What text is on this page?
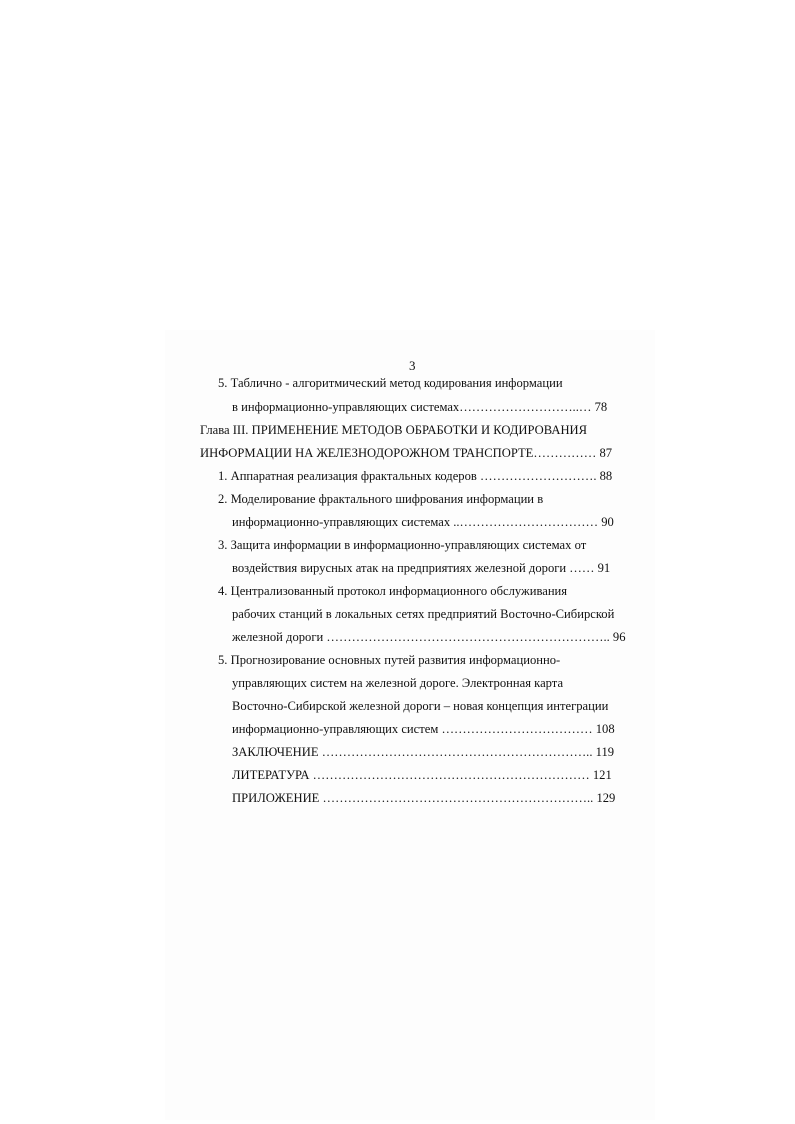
3
5. Таблично - алгоритмический метод кодирования информации
в информационно-управляющих системах………………………..… 78
Глава III. ПРИМЕНЕНИЕ МЕТОДОВ ОБРАБОТКИ И КОДИРОВАНИЯ
ИНФОРМАЦИИ НА ЖЕЛЕЗНОДОРОЖНОМ ТРАНСПОРТЕ…………… 87
1. Аппаратная реализация фрактальных кодеров ………………………. 88
2. Моделирование фрактального шифрования информации в
информационно-управляющих системах ..…………………………… 90
3. Защита информации в информационно-управляющих системах от
воздействия вирусных атак на предприятиях железной дороги …… 91
4. Централизованный протокол информационного обслуживания
рабочих станций в локальных сетях предприятий Восточно-Сибирской
железной дороги ………………………………………………………….. 96
5. Прогнозирование основных путей развития информационно-
управляющих систем на железной дороге. Электронная карта
Восточно-Сибирской железной дороги – новая концепция интеграции
информационно-управляющих систем ……………………………… 108
ЗАКЛЮЧЕНИЕ ……………………………………………………….. 119
ЛИТЕРАТУРА ………………………………………………………… 121
ПРИЛОЖЕНИЕ ……………………………………………………….. 129
